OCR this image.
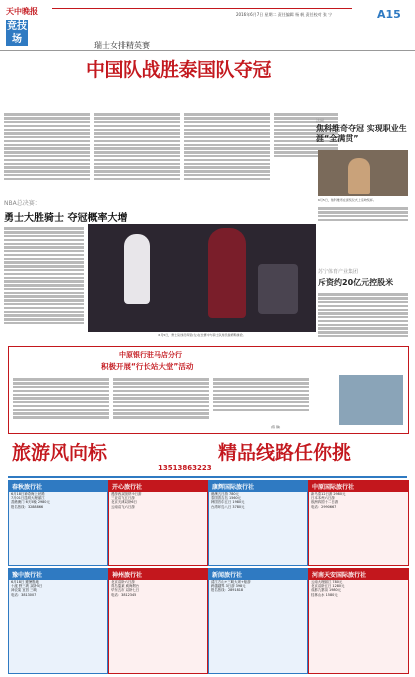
天中晚报
竞技场
2016年6月7日 星期二 责任编辑 杨 帆 责任校对 张 宁	A15
瑞士女排精英赛
中国队战胜泰国队夺冠
法网
焦科维奇夺冠 实现职业生涯“全满贯”
6月5日，焦科维奇在颁奖仪式上亲吻奖杯。
NBA总决赛：
勇士大胜骑士 夺冠概率大增
6月5日，勇士队球员库里(左)在比赛中与骑士队球员詹姆斯拼抢。
苏宁体育产业集团
斥资约20亿元控股米
中原银行驻马店分行
积极开展“行长站大堂”活动
(陈 静)
旅游风向标	精品线路任你挑
13513863223
春秋旅行社
6月18日神奇海上丝路
7月01日昆明大理丽江
香港澳门 6天5晚 2980元
报名热线：3288866
开心旅行社
漫游西双版纳 9日游
三亚双飞五日游
北京天津双卧6日
云南双飞六日游
康辉国际旅行社
港澳五日游 780元
泰国普吉岛 1560元
韩国首尔五日 1980元
台湾环岛八日 3780元
中原国际旅行社
新马泰12日游 2980元
日本本州六日游
欧洲四国十二日游
电话：2990667
豫中旅行社
6月18日 避暑胜地
十渡 野三坡 双卧5日
神农架 宜昌 三峡
电话：3813007
神州旅行社
北京双卧六日游
青岛蓬莱 威海烟台
华东五市 双卧七日
电话：3812345
新闻旅行社
清江方山+三峡大坝+船游
跨越越界 3日游 398元
报名热线：2891818
河南天安国际旅行社
云南大理丽江 780元
北京双卧五日 1280元
成都九寨沟 1980元
桂林山水 1580元
